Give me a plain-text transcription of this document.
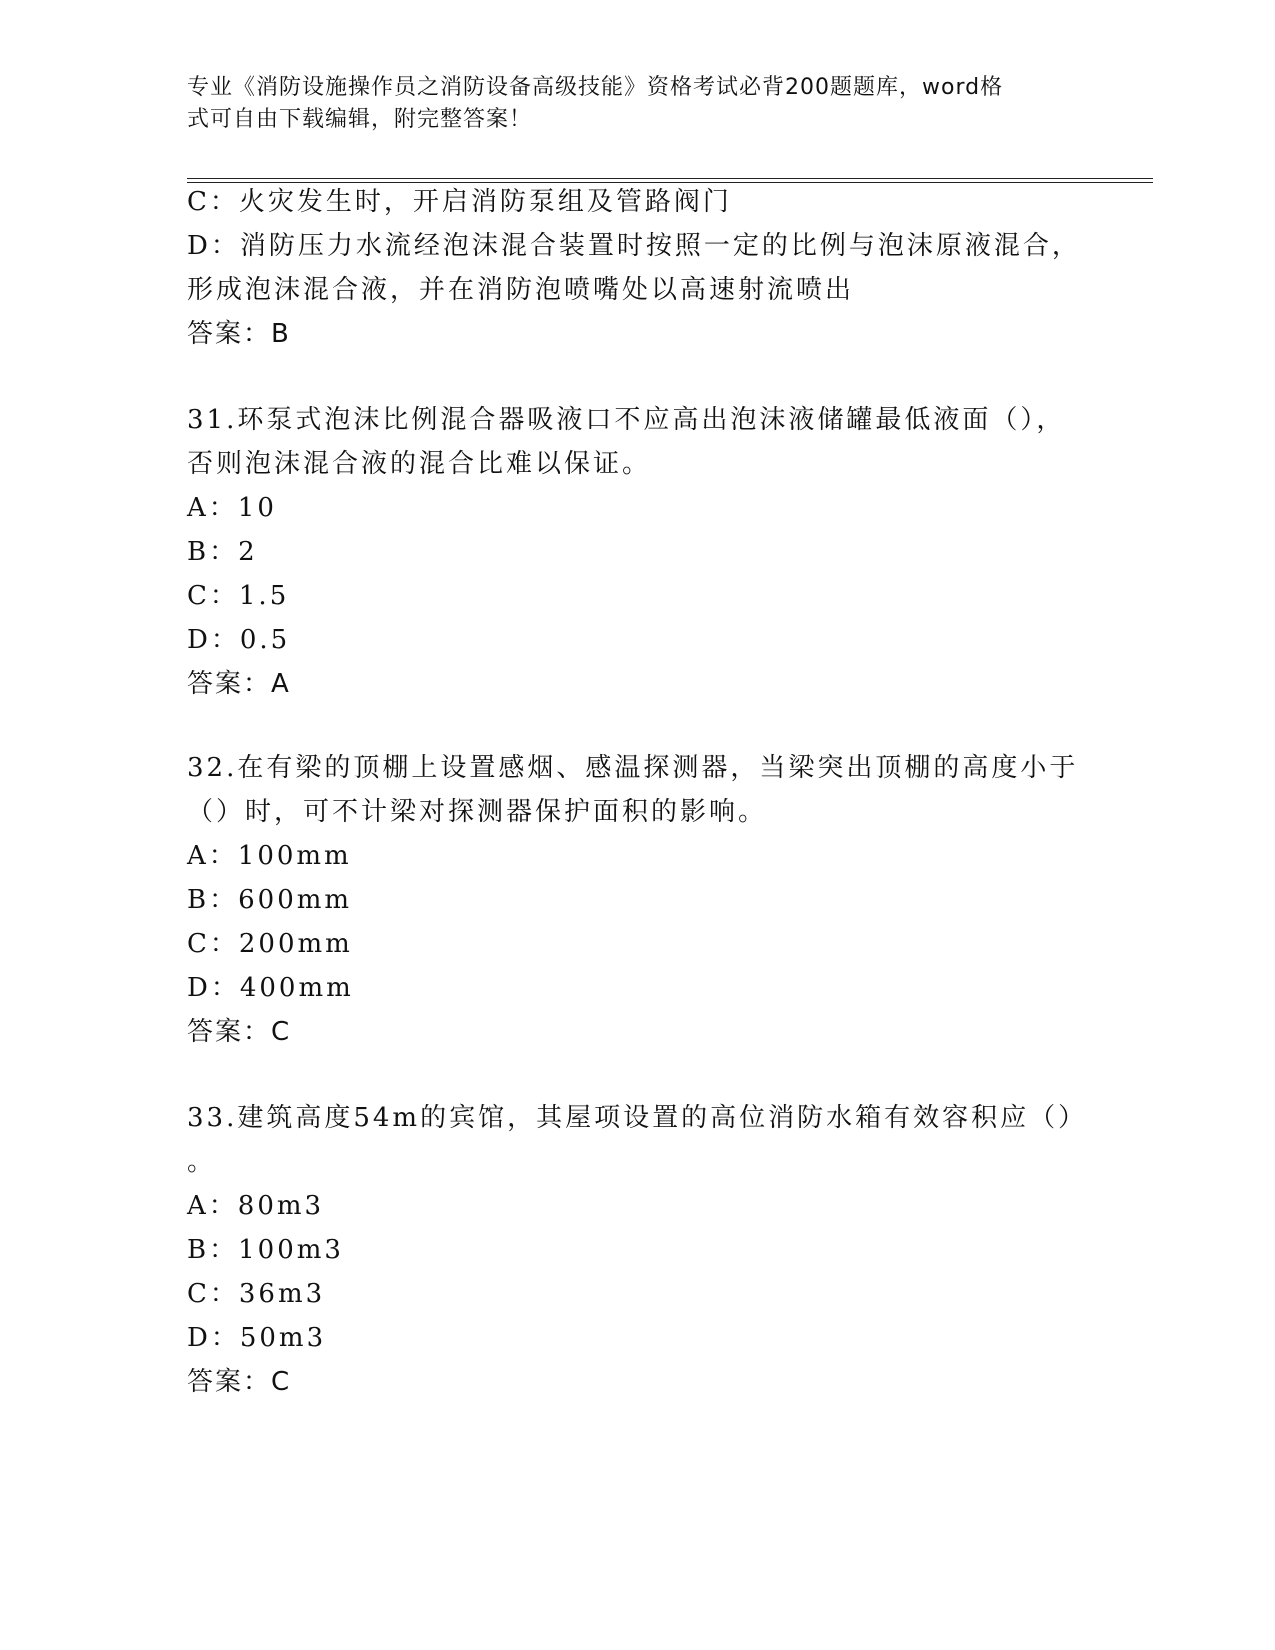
专业《消防设施操作员之消防设备高级技能》资格考试必背200题题库，word格
式可自由下载编辑，附完整答案！
C：火灾发生时，开启消防泵组及管路阀门
D：消防压力水流经泡沫混合装置时按照一定的比例与泡沫原液混合，
形成泡沫混合液，并在消防泡喷嘴处以高速射流喷出
答案：B
31.环泵式泡沫比例混合器吸液口不应高出泡沫液储罐最低液面（），
否则泡沫混合液的混合比难以保证。
A：10
B：2
C：1.5
D：0.5
答案：A
32.在有梁的顶棚上设置感烟、感温探测器，当梁突出顶棚的高度小于
（）时，可不计梁对探测器保护面积的影响。
A：100mm
B：600mm
C：200mm
D：400mm
答案：C
33.建筑高度54m的宾馆，其屋项设置的高位消防水箱有效容积应（）
。
A：80m3
B：100m3
C：36m3
D：50m3
答案：C
